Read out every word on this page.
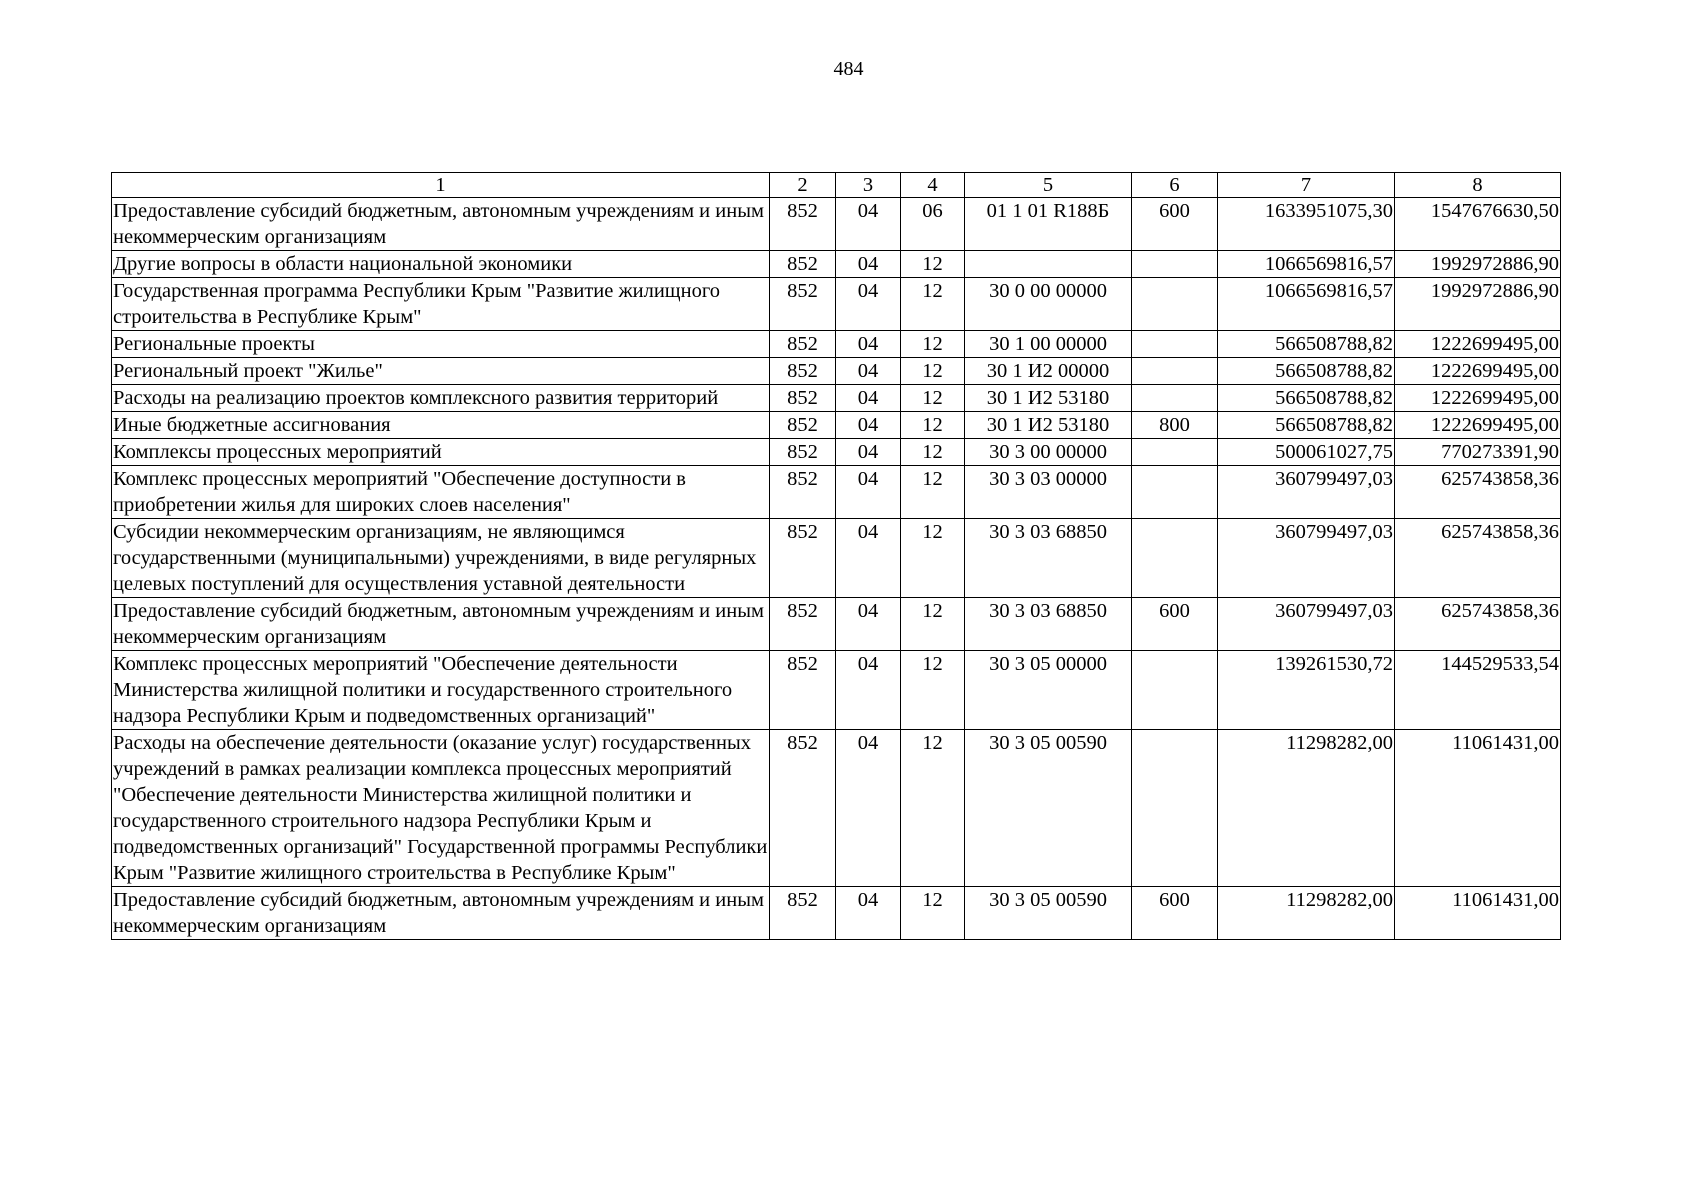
484
1	2	3	4	5	6	7	8
Предоставление субсидий бюджетным, автономным учреждениям и иным некоммерческим организациям	852	04	06	01 1 01 R188Б	600	1633951075,30	1547676630,50
Другие вопросы в области национальной экономики	852	04	12			1066569816,57	1992972886,90
Государственная программа Республики Крым "Развитие жилищного строительства в Республике Крым"	852	04	12	30 0 00 00000		1066569816,57	1992972886,90
Региональные проекты	852	04	12	30 1 00 00000		566508788,82	1222699495,00
Региональный проект "Жилье"	852	04	12	30 1 И2 00000		566508788,82	1222699495,00
Расходы на реализацию проектов комплексного развития территорий	852	04	12	30 1 И2 53180		566508788,82	1222699495,00
Иные бюджетные ассигнования	852	04	12	30 1 И2 53180	800	566508788,82	1222699495,00
Комплексы процессных мероприятий	852	04	12	30 3 00 00000		500061027,75	770273391,90
Комплекс процессных мероприятий "Обеспечение доступности в приобретении жилья для широких слоев населения"	852	04	12	30 3 03 00000		360799497,03	625743858,36
Субсидии некоммерческим организациям, не являющимся государственными (муниципальными) учреждениями, в виде регулярных целевых поступлений для осуществления уставной деятельности	852	04	12	30 3 03 68850		360799497,03	625743858,36
Предоставление субсидий бюджетным, автономным учреждениям и иным некоммерческим организациям	852	04	12	30 3 03 68850	600	360799497,03	625743858,36
Комплекс процессных мероприятий "Обеспечение деятельности Министерства жилищной политики и государственного строительного надзора Республики Крым и подведомственных организаций"	852	04	12	30 3 05 00000		139261530,72	144529533,54
Расходы на обеспечение деятельности (оказание услуг) государственных учреждений в рамках реализации комплекса процессных мероприятий "Обеспечение деятельности Министерства жилищной политики и государственного строительного надзора Республики Крым и подведомственных организаций" Государственной программы Республики Крым "Развитие жилищного строительства в Республике Крым"	852	04	12	30 3 05 00590		11298282,00	11061431,00
Предоставление субсидий бюджетным, автономным учреждениям и иным некоммерческим организациям	852	04	12	30 3 05 00590	600	11298282,00	11061431,00
